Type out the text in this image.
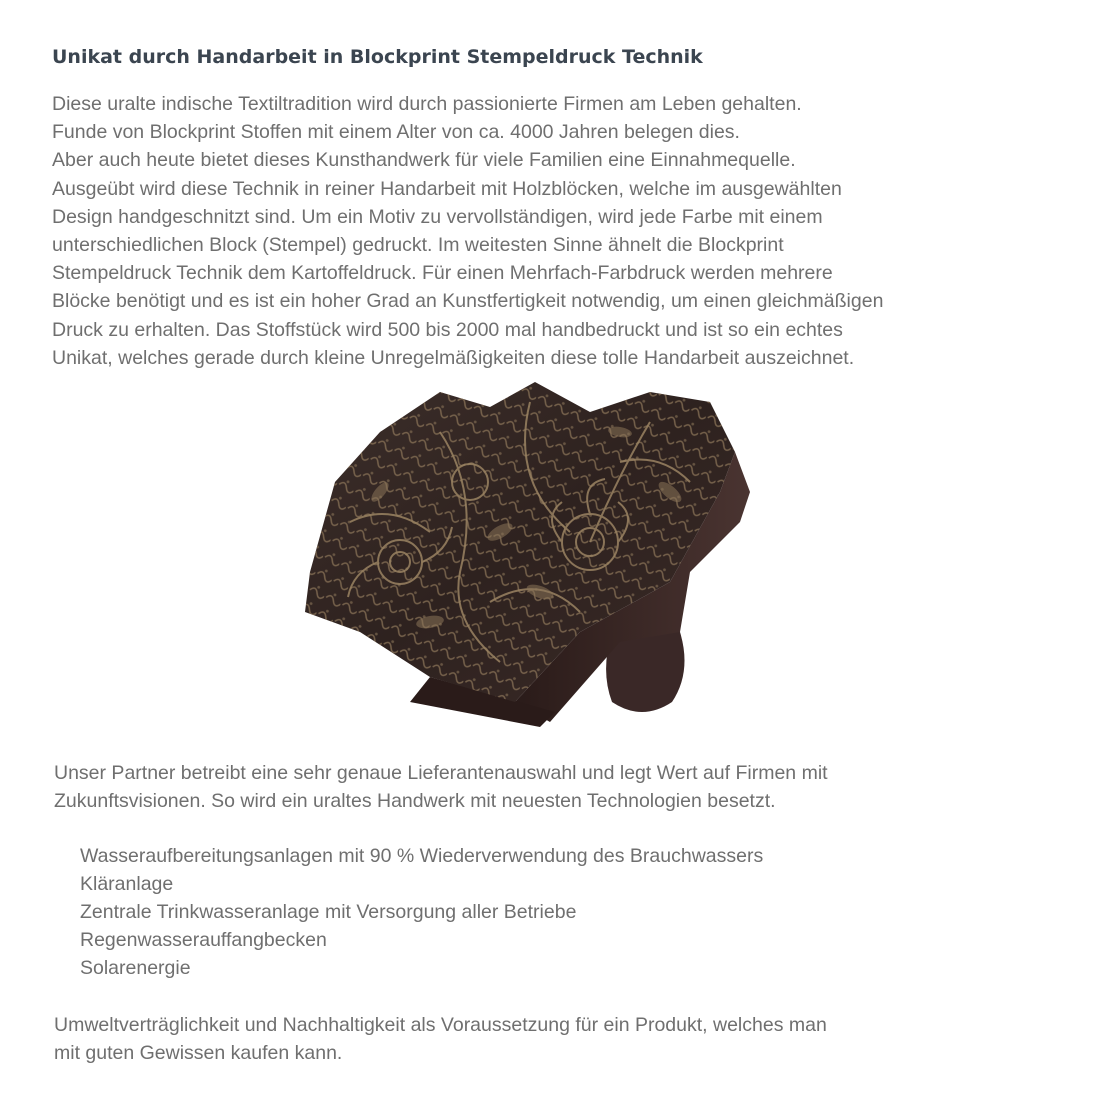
Unikat durch Handarbeit in Blockprint Stempeldruck Technik
Diese uralte indische Textiltradition wird durch passionierte Firmen am Leben gehalten.
Funde von Blockprint Stoffen mit einem Alter von ca. 4000 Jahren belegen dies.
Aber auch heute bietet dieses Kunsthandwerk für viele Familien eine Einnahmequelle.
Ausgeübt wird diese Technik in reiner Handarbeit mit Holzblöcken, welche im ausgewählten
Design handgeschnitzt sind. Um ein Motiv zu vervollständigen, wird jede Farbe mit einem
unterschiedlichen Block (Stempel) gedruckt. Im weitesten Sinne ähnelt die Blockprint
Stempeldruck Technik dem Kartoffeldruck. Für einen Mehrfach-Farbdruck werden mehrere
Blöcke benötigt und es ist ein hoher Grad an Kunstfertigkeit notwendig, um einen gleichmäßigen
Druck zu erhalten. Das Stoffstück wird 500 bis 2000 mal handbedruckt und ist so ein echtes
Unikat, welches gerade durch kleine Unregelmäßigkeiten diese tolle Handarbeit auszeichnet.
Unser Partner betreibt eine sehr genaue Lieferantenauswahl und legt Wert auf Firmen mit
Zukunftsvisionen. So wird ein uraltes Handwerk mit neuesten Technologien besetzt.
Wasseraufbereitungsanlagen mit 90 % Wiederverwendung des Brauchwassers
Kläranlage
Zentrale Trinkwasseranlage mit Versorgung aller Betriebe
Regenwasserauffangbecken
Solarenergie
Umweltverträglichkeit und Nachhaltigkeit als Voraussetzung für ein Produkt, welches man
mit guten Gewissen kaufen kann.
